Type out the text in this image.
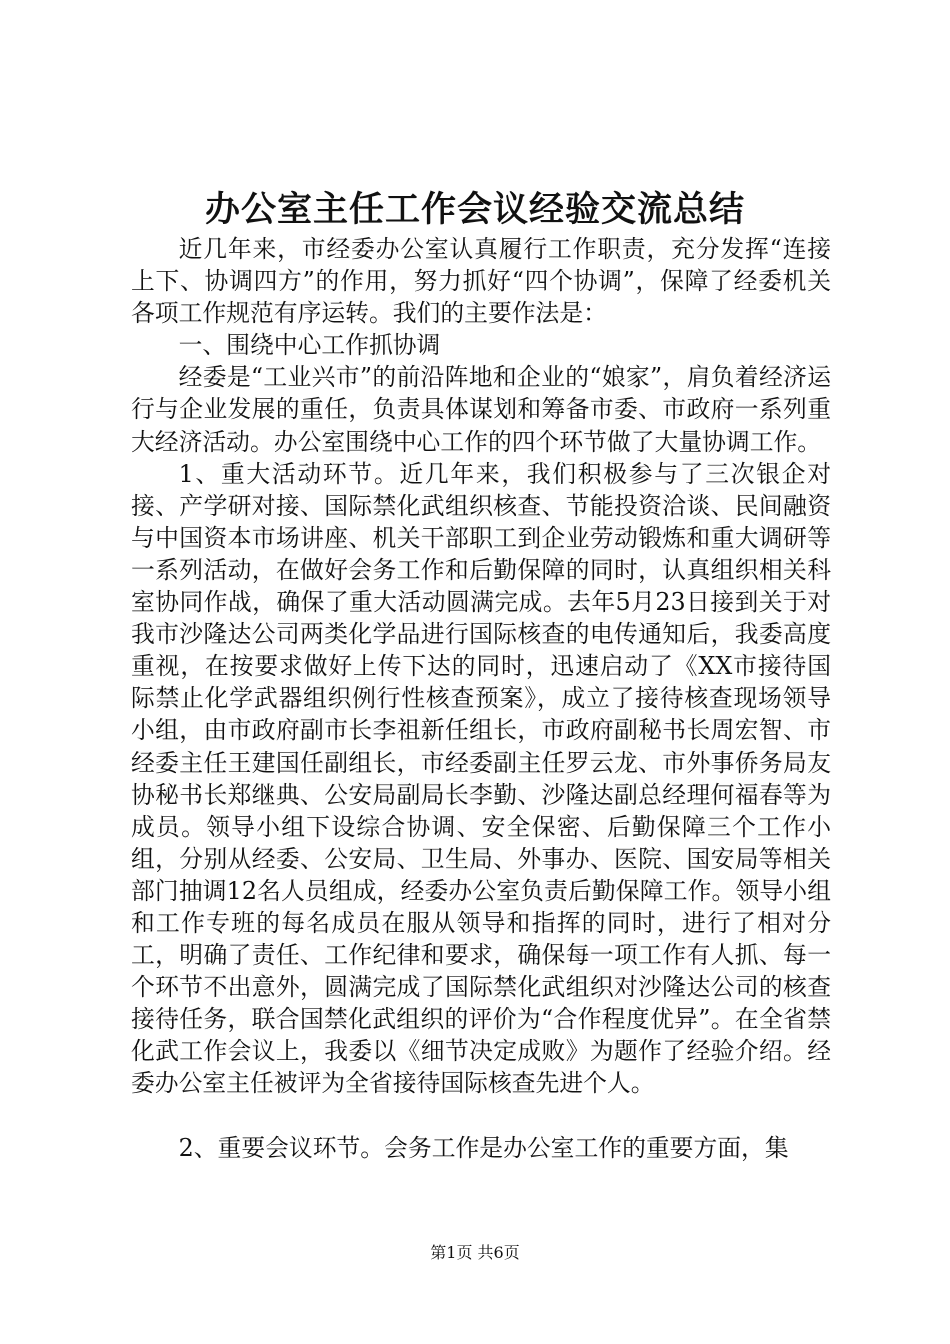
办公室主任工作会议经验交流总结

近几年来，市经委办公室认真履行工作职责，充分发挥“连接上下、协调四方”的作用，努力抓好“四个协调”，保障了经委机关各项工作规范有序运转。我们的主要作法是：

一、围绕中心工作抓协调

经委是“工业兴市”的前沿阵地和企业的“娘家”，肩负着经济运行与企业发展的重任，负责具体谋划和筹备市委、市政府一系列重大经济活动。办公室围绕中心工作的四个环节做了大量协调工作。

1、重大活动环节。近几年来，我们积极参与了三次银企对接、产学研对接、国际禁化武组织核查、节能投资洽谈、民间融资与中国资本市场讲座、机关干部职工到企业劳动锻炼和重大调研等一系列活动，在做好会务工作和后勤保障的同时，认真组织相关科室协同作战，确保了重大活动圆满完成。去年5月23日接到关于对我市沙隆达公司两类化学品进行国际核查的电传通知后，我委高度重视，在按要求做好上传下达的同时，迅速启动了《XX市接待国际禁止化学武器组织例行性核查预案》，成立了接待核查现场领导小组，由市政府副市长李祖新任组长，市政府副秘书长周宏智、市经委主任王建国任副组长，市经委副主任罗云龙、市外事侨务局友协秘书长郑继典、公安局副局长李勤、沙隆达副总经理何福春等为成员。领导小组下设综合协调、安全保密、后勤保障三个工作小组，分别从经委、公安局、卫生局、外事办、医院、国安局等相关部门抽调12名人员组成，经委办公室负责后勤保障工作。领导小组和工作专班的每名成员在服从领导和指挥的同时，进行了相对分工，明确了责任、工作纪律和要求，确保每一项工作有人抓、每一个环节不出意外，圆满完成了国际禁化武组织对沙隆达公司的核查接待任务，联合国禁化武组织的评价为“合作程度优异”。在全省禁化武工作会议上，我委以《细节决定成败》为题作了经验介绍。经委办公室主任被评为全省接待国际核查先进个人。

2、重要会议环节。会务工作是办公室工作的重要方面，集

第1页 共6页
